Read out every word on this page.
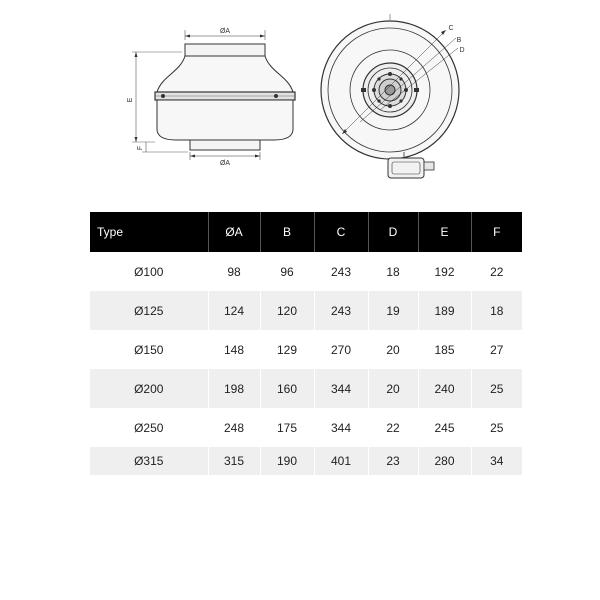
ØA
ØA
E
F
C
B
D
Type	ØA	B	C	D	E	F
Ø100	98	96	243	18	192	22
Ø125	124	120	243	19	189	18
Ø150	148	129	270	20	185	27
Ø200	198	160	344	20	240	25
Ø250	248	175	344	22	245	25
Ø315	315	190	401	23	280	34
